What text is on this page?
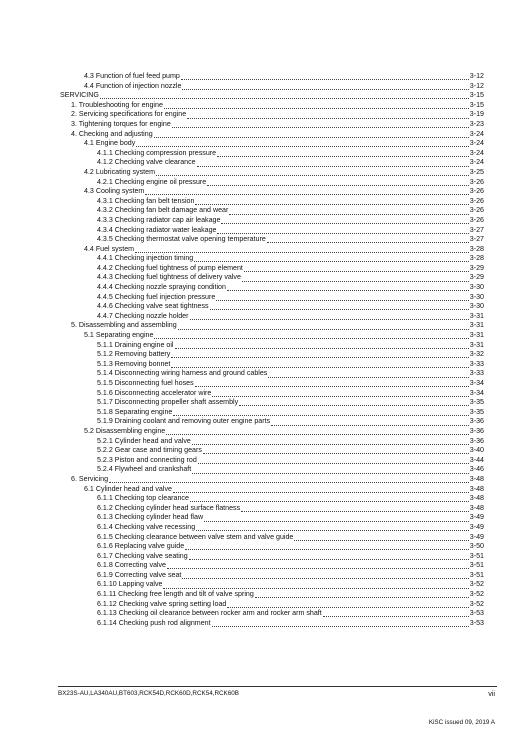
4.3 Function of fuel feed pump	3-12
4.4 Function of injection nozzle	3-12
SERVICING	3-15
1. Troubleshooting for engine	3-15
2. Servicing specifications for engine	3-19
3. Tightening torques for engine	3-23
4. Checking and adjusting	3-24
4.1 Engine body	3-24
4.1.1 Checking compression pressure	3-24
4.1.2 Checking valve clearance	3-24
4.2 Lubricating system	3-25
4.2.1 Checking engine oil pressure	3-26
4.3 Cooling system	3-26
4.3.1 Checking fan belt tension	3-26
4.3.2 Checking fan belt damage and wear	3-26
4.3.3 Checking radiator cap air leakage	3-26
4.3.4 Checking radiator water leakage	3-27
4.3.5 Checking thermostat valve opening temperature	3-27
4.4 Fuel system	3-28
4.4.1 Checking injection timing	3-28
4.4.2 Checking fuel tightness of pump element	3-29
4.4.3 Checking fuel tightness of delivery valve	3-29
4.4.4 Checking nozzle spraying condition	3-30
4.4.5 Checking fuel injection pressure	3-30
4.4.6 Checking valve seat tightness	3-30
4.4.7 Checking nozzle holder	3-31
5. Disassembling and assembling	3-31
5.1 Separating engine	3-31
5.1.1 Draining engine oil	3-31
5.1.2 Removing battery	3-32
5.1.3 Removing bonnet	3-33
5.1.4 Disconnecting wiring harness and ground cables	3-33
5.1.5 Disconnecting fuel hoses	3-34
5.1.6 Disconnecting accelerator wire	3-34
5.1.7 Disconnecting propeller shaft assembly	3-35
5.1.8 Separating engine	3-35
5.1.9 Draining coolant and removing outer engine parts	3-36
5.2 Disassembling engine	3-36
5.2.1 Cylinder head and valve	3-36
5.2.2 Gear case and timing gears	3-40
5.2.3 Piston and connecting rod	3-44
5.2.4 Flywheel and crankshaft	3-46
6. Servicing	3-48
6.1 Cylinder head and valve	3-48
6.1.1 Checking top clearance	3-48
6.1.2 Checking cylinder head surface flatness	3-48
6.1.3 Checking cylinder head flaw	3-49
6.1.4 Checking valve recessing	3-49
6.1.5 Checking clearance between valve stem and valve guide	3-49
6.1.6 Replacing valve guide	3-50
6.1.7 Checking valve seating	3-51
6.1.8 Correcting valve	3-51
6.1.9 Correcting valve seat	3-51
6.1.10 Lapping valve	3-52
6.1.11 Checking free length and tilt of valve spring	3-52
6.1.12 Checking valve spring setting load	3-52
6.1.13 Checking oil clearance between rocker arm and rocker arm shaft	3-53
6.1.14 Checking push rod alignment	3-53
BX23S-AU,LA340AU,BT603,RCK54D,RCK60D,RCK54,RCK60B	vii
KiSC issued 09, 2019 A
